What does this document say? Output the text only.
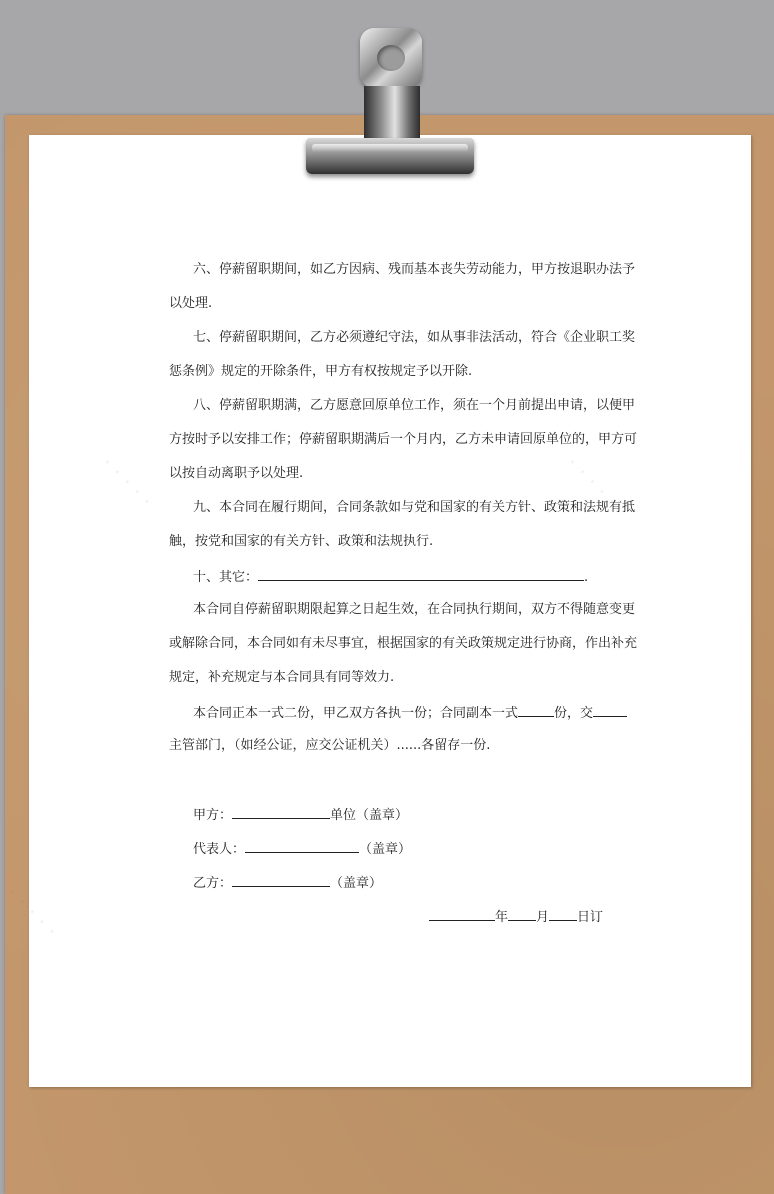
· · · · ·	· · · · ·
· · · · ·
六、停薪留职期间，如乙方因病、残而基本丧失劳动能力，甲方按退职办法予
以处理.
七、停薪留职期间，乙方必须遵纪守法，如从事非法活动，符合《企业职工奖
惩条例》规定的开除条件，甲方有权按规定予以开除.
八、停薪留职期满，乙方愿意回原单位工作，须在一个月前提出申请，以便甲
方按时予以安排工作；停薪留职期满后一个月内，乙方未申请回原单位的，甲方可
以按自动离职予以处理.
九、本合同在履行期间，合同条款如与党和国家的有关方针、政策和法规有抵
触，按党和国家的有关方针、政策和法规执行.
十、其它：	.
本合同自停薪留职期限起算之日起生效，在合同执行期间，双方不得随意变更
或解除合同，本合同如有未尽事宜，根据国家的有关政策规定进行协商，作出补充
规定，补充规定与本合同具有同等效力.
本合同正本一式二份，甲乙双方各执一份；合同副本一式	份，交
主管部门，（如经公证，应交公证机关）......各留存一份.
甲方：	单位（盖章）
代表人：	（盖章）
乙方：	（盖章）
年 月 日订
